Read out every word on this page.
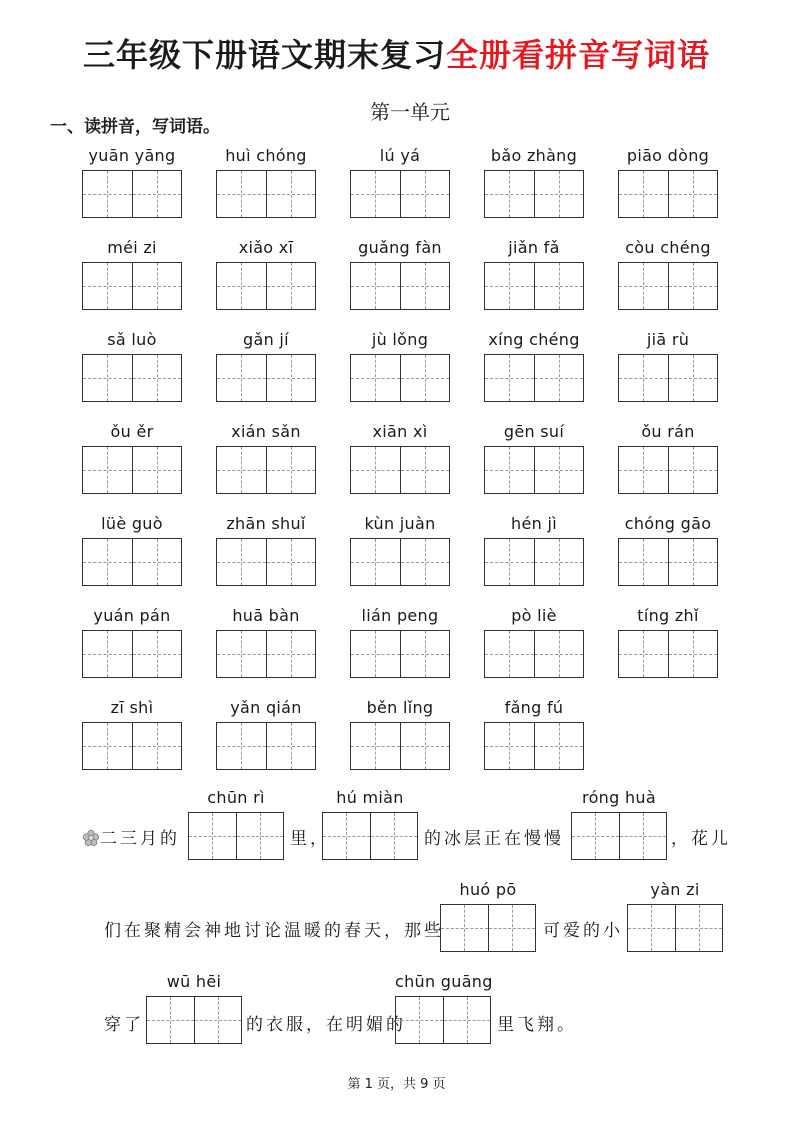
三年级下册语文期末复习全册看拼音写词语
一、读拼音，写词语。
第一单元
yuān yāng	huì chóng	lú yá	bǎo zhàng	piāo dòng
méi zi	xiǎo xī	guǎng fàn	jiǎn fǎ	còu chéng
sǎ luò	gǎn jí	jù lǒng	xíng chéng	jiā rù
ǒu ěr	xián sǎn	xiān xì	gēn suí	ǒu rán
lüè guò	zhān shuǐ	kùn juàn	hén jì	chóng gāo
yuán pán	huā bàn	lián peng	pò liè	tíng zhǐ
zī shì	yǎn qián	běn lǐng	fǎng fú
二三月的
chūn rì
里，
hú miàn
的冰层正在慢慢
róng huà
，花儿
们在聚精会神地讨论温暖的春天，那些
huó pō
可爱的小
yàn zi
穿了
wū hēi
的衣服，在明媚的
chūn guāng
里飞翔。
第 1 页，共 9 页
